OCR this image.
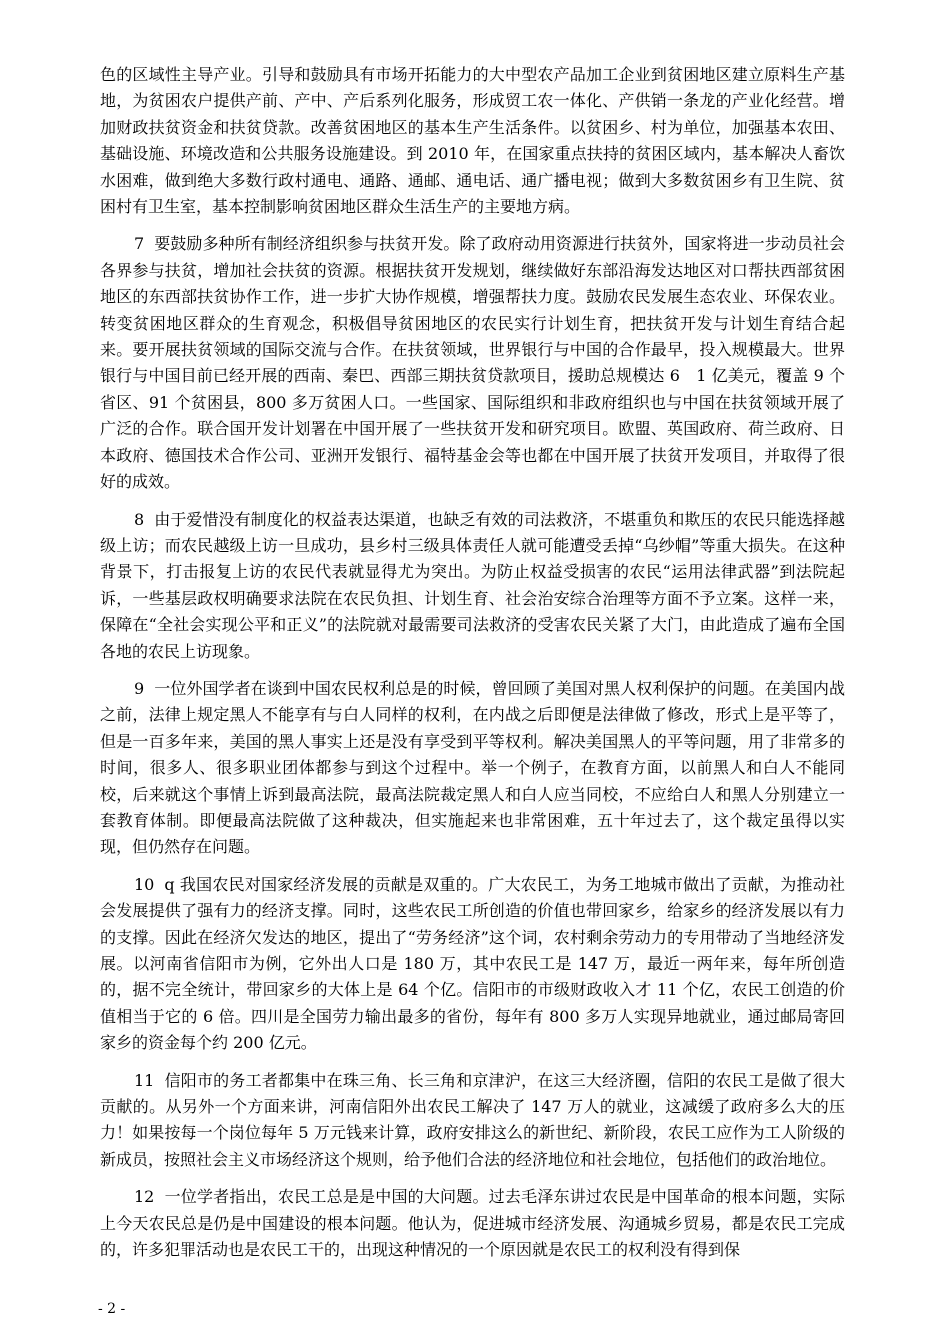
色的区域性主导产业。引导和鼓励具有市场开拓能力的大中型农产品加工企业到贫困地区建立原料生产基地，为贫困农户提供产前、产中、产后系列化服务，形成贸工农一体化、产供销一条龙的产业化经营。增加财政扶贫资金和扶贫贷款。改善贫困地区的基本生产生活条件。以贫困乡、村为单位，加强基本农田、基础设施、环境改造和公共服务设施建设。到 2010 年，在国家重点扶持的贫困区域内，基本解决人畜饮水困难，做到绝大多数行政村通电、通路、通邮、通电话、通广播电视；做到大多数贫困乡有卫生院、贫困村有卫生室，基本控制影响贫困地区群众生活生产的主要地方病。

7 要鼓励多种所有制经济组织参与扶贫开发。除了政府动用资源进行扶贫外，国家将进一步动员社会各界参与扶贫，增加社会扶贫的资源。根据扶贫开发规划，继续做好东部沿海发达地区对口帮扶西部贫困地区的东西部扶贫协作工作，进一步扩大协作规模，增强帮扶力度。鼓励农民发展生态农业、环保农业。转变贫困地区群众的生育观念，积极倡导贫困地区的农民实行计划生育，把扶贫开发与计划生育结合起来。要开展扶贫领域的国际交流与合作。在扶贫领域，世界银行与中国的合作最早，投入规模最大。世界银行与中国目前已经开展的西南、秦巴、西部三期扶贫贷款项目，援助总规模达 6　1 亿美元，覆盖 9 个省区、91 个贫困县，800 多万贫困人口。一些国家、国际组织和非政府组织也与中国在扶贫领域开展了广泛的合作。联合国开发计划署在中国开展了一些扶贫开发和研究项目。欧盟、英国政府、荷兰政府、日本政府、德国技术合作公司、亚洲开发银行、福特基金会等也都在中国开展了扶贫开发项目，并取得了很好的成效。

8 由于爱惜没有制度化的权益表达渠道，也缺乏有效的司法救济，不堪重负和欺压的农民只能选择越级上访；而农民越级上访一旦成功，县乡村三级具体责任人就可能遭受丢掉“乌纱帽”等重大损失。在这种背景下，打击报复上访的农民代表就显得尤为突出。为防止权益受损害的农民“运用法律武器”到法院起诉，一些基层政权明确要求法院在农民负担、计划生育、社会治安综合治理等方面不予立案。这样一来，保障在“全社会实现公平和正义”的法院就对最需要司法救济的受害农民关紧了大门，由此造成了遍布全国各地的农民上访现象。

9 一位外国学者在谈到中国农民权利总是的时候，曾回顾了美国对黑人权利保护的问题。在美国内战之前，法律上规定黑人不能享有与白人同样的权利，在内战之后即便是法律做了修改，形式上是平等了，但是一百多年来，美国的黑人事实上还是没有享受到平等权利。解决美国黑人的平等问题，用了非常多的时间，很多人、很多职业团体都参与到这个过程中。举一个例子，在教育方面，以前黑人和白人不能同校，后来就这个事情上诉到最高法院，最高法院裁定黑人和白人应当同校，不应给白人和黑人分别建立一套教育体制。即便最高法院做了这种裁决，但实施起来也非常困难，五十年过去了，这个裁定虽得以实现，但仍然存在问题。

10 q 我国农民对国家经济发展的贡献是双重的。广大农民工，为务工地城市做出了贡献，为推动社会发展提供了强有力的经济支撑。同时，这些农民工所创造的价值也带回家乡，给家乡的经济发展以有力的支撑。因此在经济欠发达的地区，提出了“劳务经济”这个词，农村剩余劳动力的专用带动了当地经济发展。以河南省信阳市为例，它外出人口是 180 万，其中农民工是 147 万，最近一两年来，每年所创造的，据不完全统计，带回家乡的大体上是 64 个亿。信阳市的市级财政收入才 11 个亿，农民工创造的价值相当于它的 6 倍。四川是全国劳力输出最多的省份，每年有 800 多万人实现异地就业，通过邮局寄回家乡的资金每个约 200 亿元。

11 信阳市的务工者都集中在珠三角、长三角和京津沪，在这三大经济圈，信阳的农民工是做了很大贡献的。从另外一个方面来讲，河南信阳外出农民工解决了 147 万人的就业，这减缓了政府多么大的压力！如果按每一个岗位每年 5 万元钱来计算，政府安排这么的新世纪、新阶段，农民工应作为工人阶级的新成员，按照社会主义市场经济这个规则，给予他们合法的经济地位和社会地位，包括他们的政治地位。

12 一位学者指出，农民工总是是中国的大问题。过去毛泽东讲过农民是中国革命的根本问题，实际上今天农民总是仍是中国建设的根本问题。他认为，促进城市经济发展、沟通城乡贸易，都是农民工完成的，许多犯罪活动也是农民工干的，出现这种情况的一个原因就是农民工的权利没有得到保

- 2 -
